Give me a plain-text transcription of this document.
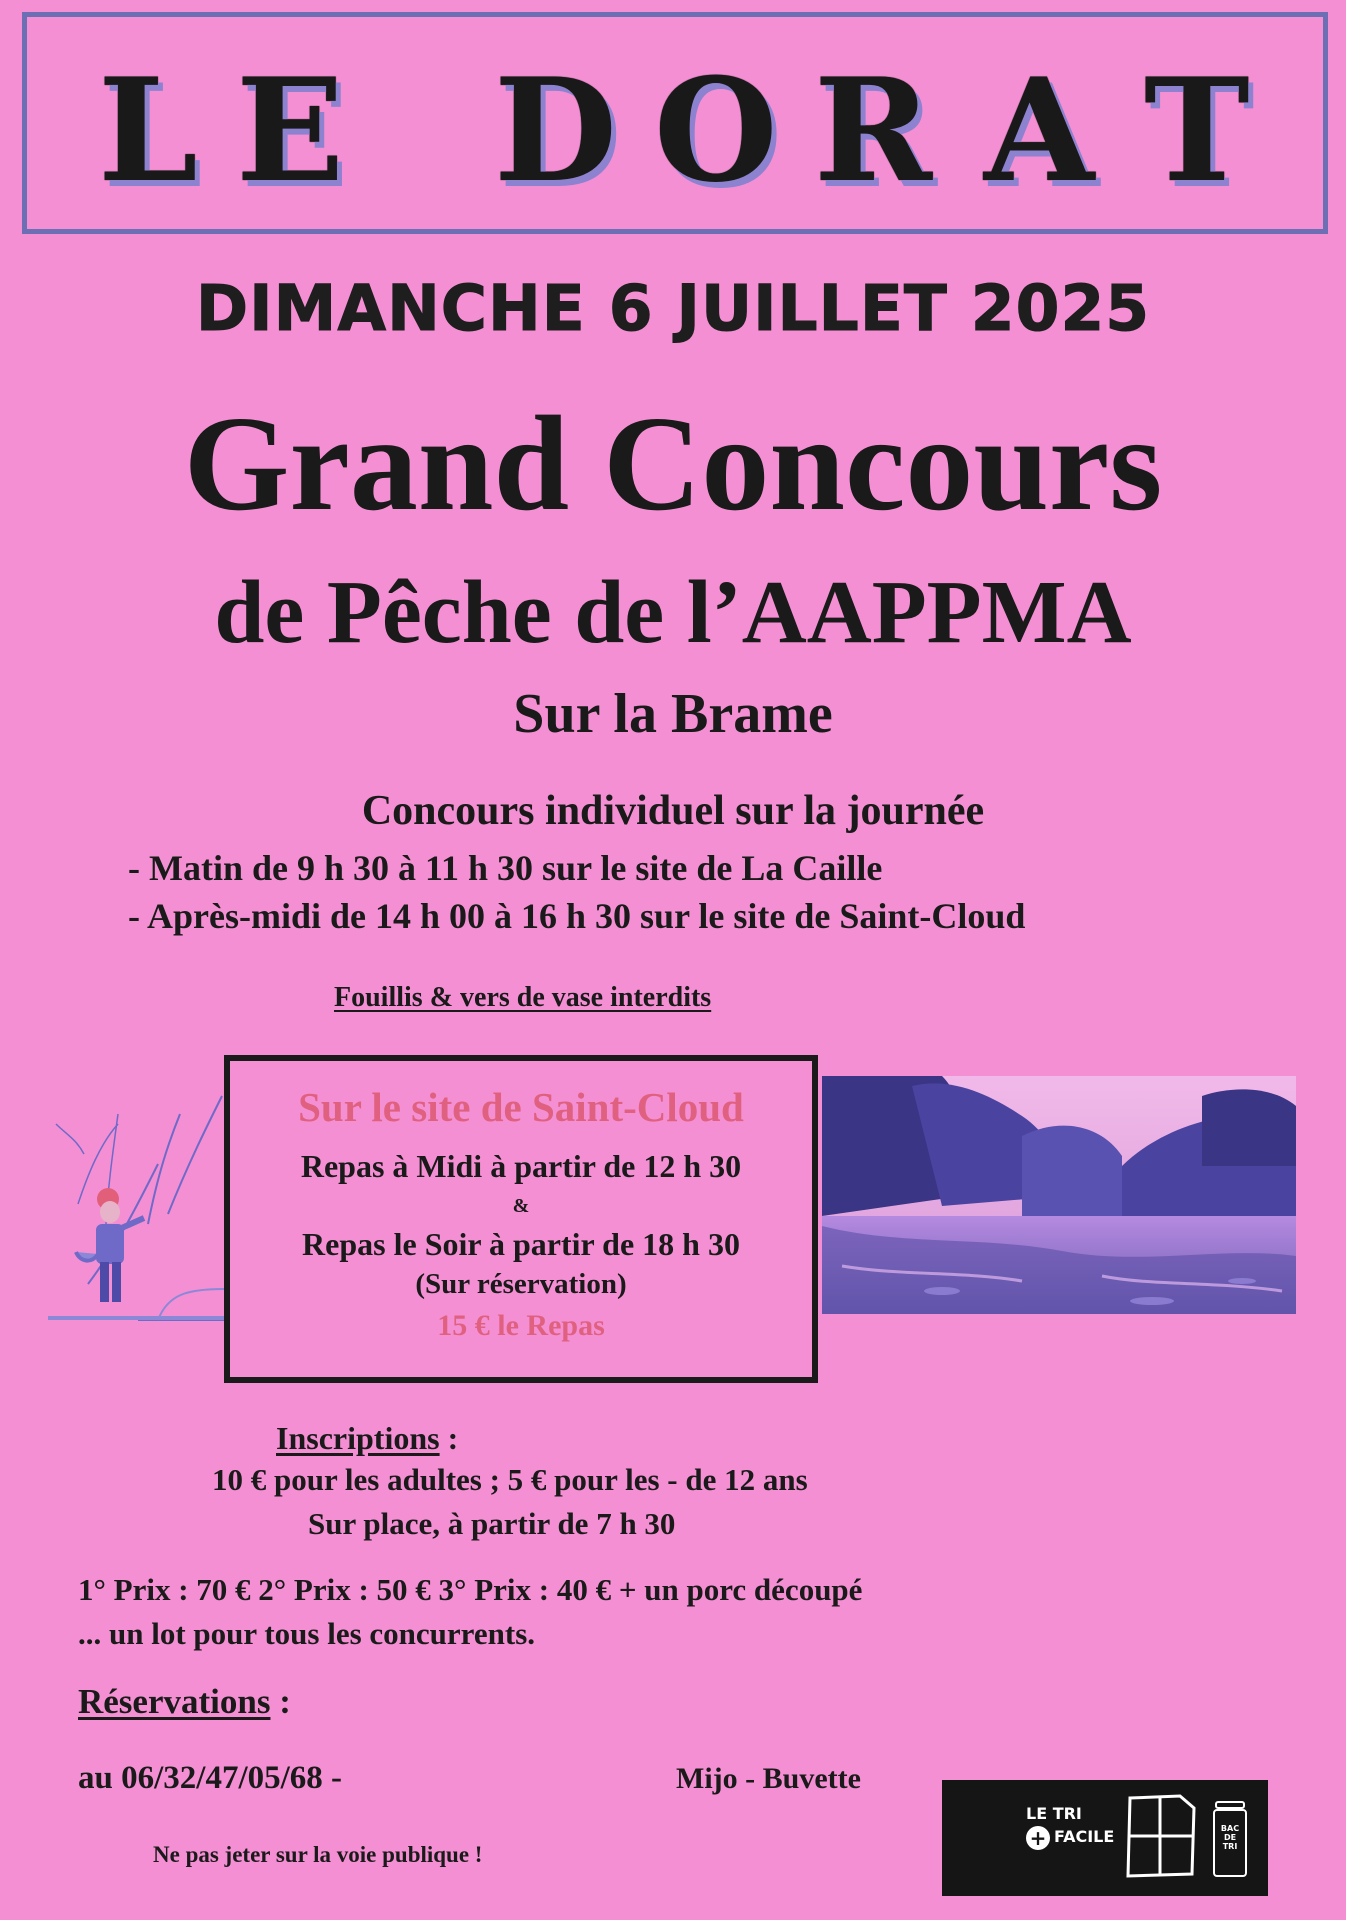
L E D O R A T
DIMANCHE 6 JUILLET 2025
Grand Concours
de Pêche de l’AAPPMA
Sur la Brame
Concours individuel sur la journée
- Matin de 9 h 30 à 11 h 30 sur le site de La Caille
- Après-midi de 14 h 00 à 16 h 30 sur le site de Saint-Cloud
Fouillis & vers de vase interdits
Sur le site de Saint-Cloud
Repas à Midi à partir de 12 h 30
&
Repas le Soir à partir de 18 h 30
(Sur réservation)
15 € le Repas
Inscriptions :
10 € pour les adultes ; 5 € pour les - de 12 ans
Sur place, à partir de 7 h 30
1° Prix : 70 € 2° Prix : 50 € 3° Prix : 40 € + un porc découpé
... un lot pour tous les concurrents.
Réservations :
au 06/32/47/05/68 -	Mijo - Buvette
Ne pas jeter sur la voie publique !
LE TRI
+ FACILE	BAC
DE
TRI
